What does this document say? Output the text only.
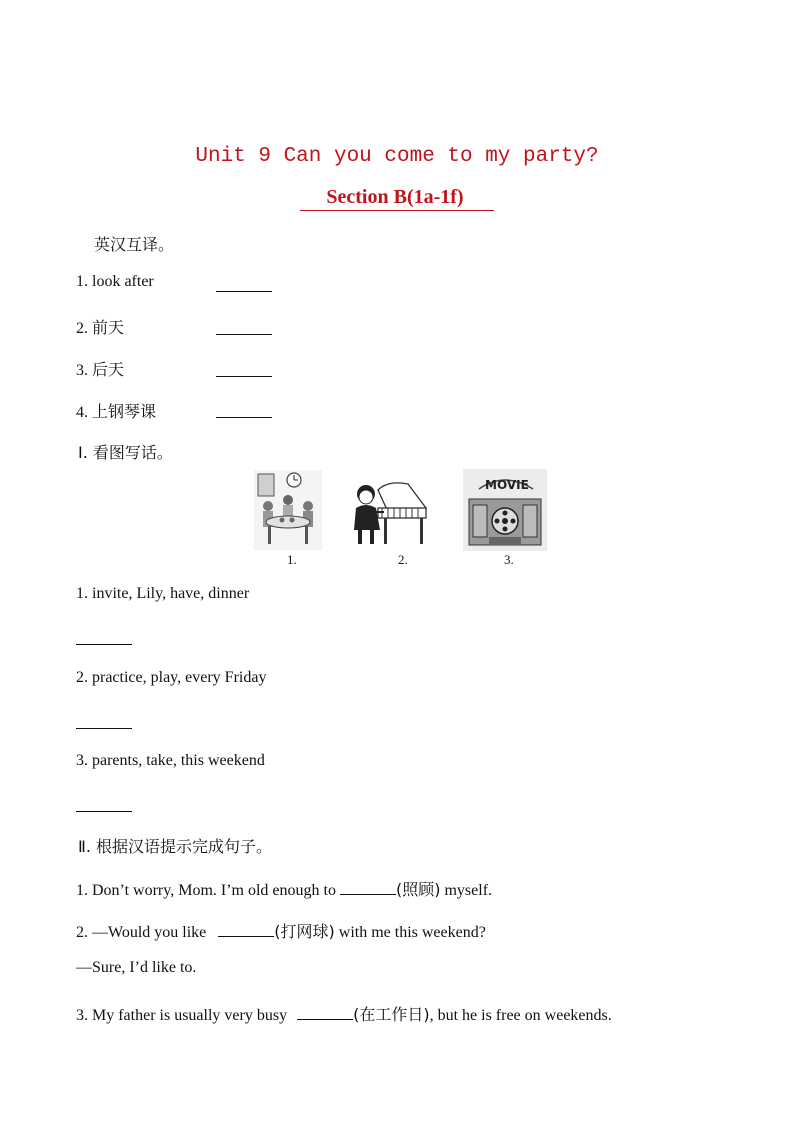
Unit 9 Can you come to my party?
Section B(1a-1f)
英汉互译。
1. look after
2. 前天
3. 后天
4. 上钢琴课
Ⅰ. 看图写话。
MOVIE
1.	2.	3.
1. invite, Lily, have, dinner
2. practice, play, every Friday
3. parents, take, this weekend
Ⅱ. 根据汉语提示完成句子。
1. Don’t worry, Mom. I’m old enough to	(照顾) myself.
2. —Would you like	(打网球) with me this weekend?
—Sure, I’d like to.
3. My father is usually very busy	(在工作日), but he is free on weekends.
